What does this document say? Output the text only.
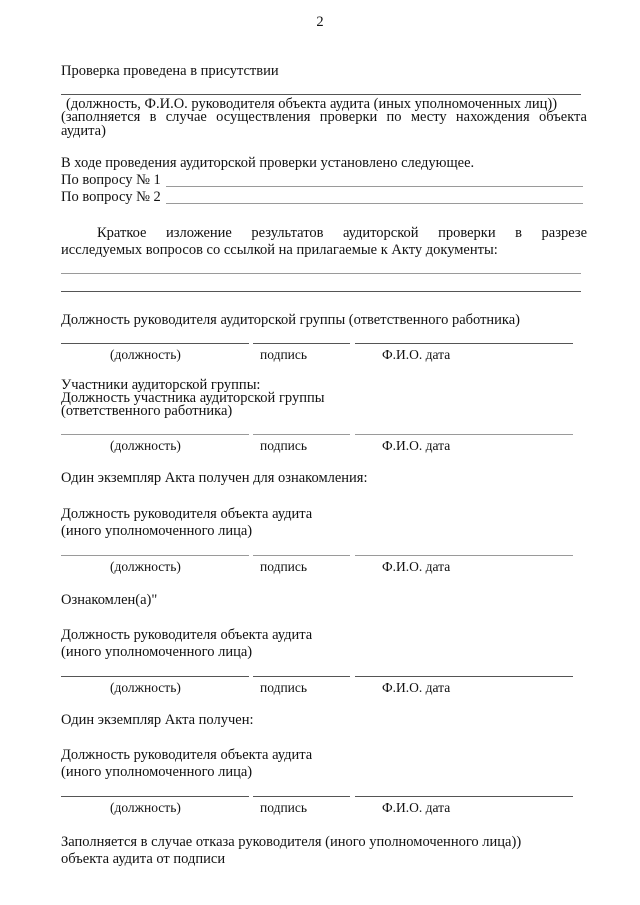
2
Проверка проведена в присутствии
(должность, Ф.И.О. руководителя объекта аудита (иных уполномоченных лиц))
(заполняется в случае осуществления проверки по месту нахождения объекта
аудита)
В ходе проведения аудиторской проверки установлено следующее.
По вопросу № 1
По вопросу № 2
Краткое изложение результатов аудиторской проверки в разрезе
исследуемых вопросов со ссылкой на прилагаемые к Акту документы:
Должность руководителя аудиторской группы (ответственного работника)
(должность)	подпись	Ф.И.О. дата
Участники аудиторской группы:
Должность участника аудиторской группы
(ответственного работника)
(должность)	подпись	Ф.И.О. дата
Один экземпляр Акта получен для ознакомления:
Должность руководителя объекта аудита
(иного уполномоченного лица)
(должность)	подпись	Ф.И.О. дата
Ознакомлен(а)"
Должность руководителя объекта аудита
(иного уполномоченного лица)
(должность)	подпись	Ф.И.О. дата
Один экземпляр Акта получен:
Должность руководителя объекта аудита
(иного уполномоченного лица)
(должность)	подпись	Ф.И.О. дата
Заполняется в случае отказа руководителя (иного уполномоченного лица))
объекта аудита от подписи
